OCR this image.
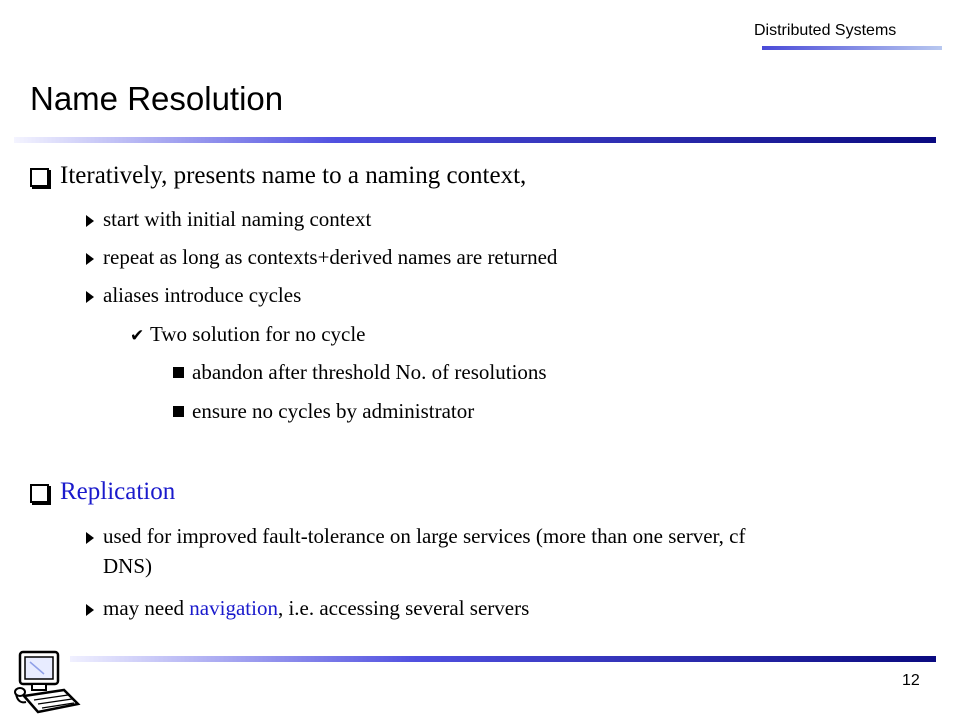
Distributed Systems
Name Resolution
Iteratively, presents name to a naming context,
start with initial naming context
repeat as long as contexts+derived names are returned
aliases introduce cycles
✔ Two solution for no cycle
abandon after threshold No. of resolutions
ensure no cycles by administrator
Replication
used for improved fault-tolerance on large services (more than one server, cf
DNS)
may need navigation, i.e. accessing several servers
12
